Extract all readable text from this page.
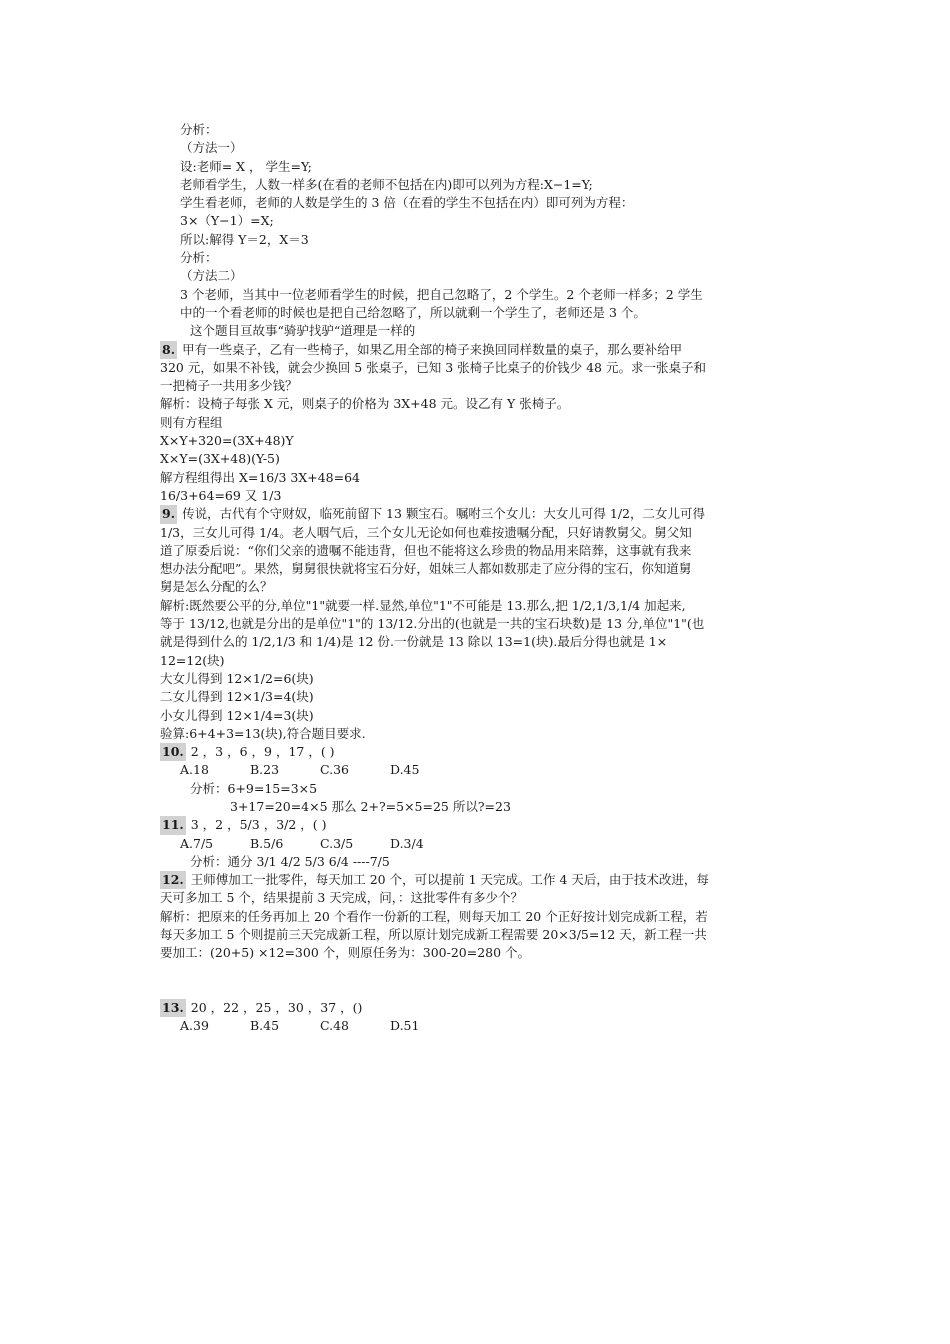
分析：
（方法一）
设:老师= X ， 学生=Y;
老师看学生，人数一样多(在看的老师不包括在内)即可以列为方程:X−1=Y;
学生看老师，老师的人数是学生的 3 倍（在看的学生不包括在内）即可列为方程：
3×（Y−1）=X;
所以:解得 Y＝2，X＝3
分析：
（方法二）
3 个老师，当其中一位老师看学生的时候，把自己忽略了，2 个学生。2 个老师一样多；2 学生
中的一个看老师的时候也是把自己给忽略了，所以就剩一个学生了，老师还是 3 个。
这个题目亘故事“骑驴找驴“道理是一样的
8. 甲有一些桌子，乙有一些椅子，如果乙用全部的椅子来换回同样数量的桌子，那么要补给甲
320 元，如果不补钱，就会少换回 5 张桌子，已知 3 张椅子比桌子的价钱少 48 元。求一张桌子和
一把椅子一共用多少钱？
解析：设椅子每张 X 元，则桌子的价格为 3X+48 元。设乙有 Y 张椅子。
则有方程组
X×Y+320=(3X+48)Y
X×Y=(3X+48)(Y-5)
解方程组得出 X=16/3 3X+48=64
16/3+64=69 又 1/3
9. 传说，古代有个守财奴，临死前留下 13 颗宝石。嘱咐三个女儿：大女儿可得 1/2，二女儿可得
1/3，三女儿可得 1/4。老人咽气后，三个女儿无论如何也难按遗嘱分配，只好请教舅父。舅父知
道了原委后说：“你们父亲的遗嘱不能违背，但也不能将这么珍贵的物品用来陪葬，这事就有我来
想办法分配吧”。果然，舅舅很快就将宝石分好，姐妹三人都如数那走了应分得的宝石，你知道舅
舅是怎么分配的么？
解析:既然要公平的分,单位"1"就要一样.显然,单位"1"不可能是 13.那么,把 1/2,1/3,1/4 加起来,
等于 13/12,也就是分出的是单位"1"的 13/12.分出的(也就是一共的宝石块数)是 13 分,单位"1"(也
就是得到什么的 1/2,1/3 和 1/4)是 12 份.一份就是 13 除以 13=1(块).最后分得也就是 1×
12=12(块)
大女儿得到 12×1/2=6(块)
二女儿得到 12×1/3=4(块)
小女儿得到 12×1/4=3(块)
验算:6+4+3=13(块),符合题目要求.
10. 2 ，3 ，6 ，9 ，17 ，( )
A.18	B.23	C.36	D.45
分析：6+9=15=3×5
3+17=20=4×5 那么 2+?=5×5=25 所以?=23
11. 3 ，2 ，5/3 ，3/2 ，( )
A.7/5	B.5/6	C.3/5	D.3/4
分析：通分 3/1 4/2 5/3 6/4 ----7/5
12. 王师傅加工一批零件，每天加工 20 个，可以提前 1 天完成。工作 4 天后，由于技术改进，每
天可多加工 5 个，结果提前 3 天完成，问，：这批零件有多少个？
解析：把原来的任务再加上 20 个看作一份新的工程，则每天加工 20 个正好按计划完成新工程，若
每天多加工 5 个则提前三天完成新工程，所以原计划完成新工程需要 20×3/5=12 天，新工程一共
要加工：(20+5) ×12=300 个，则原任务为：300-20=280 个。
13. 20 ，22 ，25 ，30 ，37 ，()
A.39	B.45	C.48	D.51
